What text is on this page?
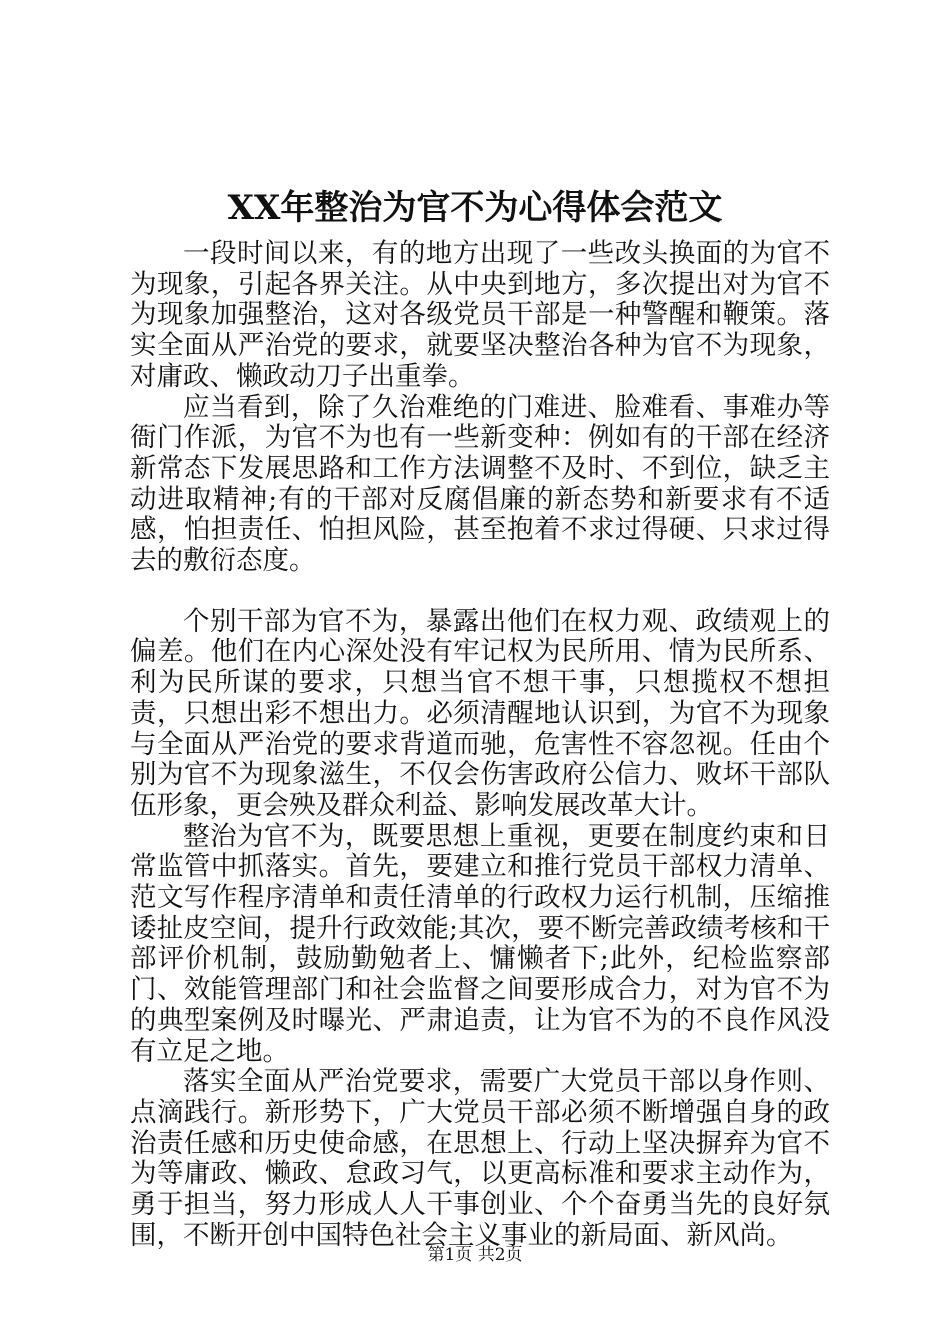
XX年整治为官不为心得体会范文

一段时间以来，有的地方出现了一些改头换面的为官不为现象，引起各界关注。从中央到地方，多次提出对为官不为现象加强整治，这对各级党员干部是一种警醒和鞭策。落实全面从严治党的要求，就要坚决整治各种为官不为现象，对庸政、懒政动刀子出重拳。

应当看到，除了久治难绝的门难进、脸难看、事难办等衙门作派，为官不为也有一些新变种：例如有的干部在经济新常态下发展思路和工作方法调整不及时、不到位，缺乏主动进取精神;有的干部对反腐倡廉的新态势和新要求有不适感，怕担责任、怕担风险，甚至抱着不求过得硬、只求过得去的敷衍态度。

个别干部为官不为，暴露出他们在权力观、政绩观上的偏差。他们在内心深处没有牢记权为民所用、情为民所系、利为民所谋的要求，只想当官不想干事，只想揽权不想担责，只想出彩不想出力。必须清醒地认识到，为官不为现象与全面从严治党的要求背道而驰，危害性不容忽视。任由个别为官不为现象滋生，不仅会伤害政府公信力、败坏干部队伍形象，更会殃及群众利益、影响发展改革大计。

整治为官不为，既要思想上重视，更要在制度约束和日常监管中抓落实。首先，要建立和推行党员干部权力清单、范文写作程序清单和责任清单的行政权力运行机制，压缩推诿扯皮空间，提升行政效能;其次，要不断完善政绩考核和干部评价机制，鼓励勤勉者上、慵懒者下;此外，纪检监察部门、效能管理部门和社会监督之间要形成合力，对为官不为的典型案例及时曝光、严肃追责，让为官不为的不良作风没有立足之地。

落实全面从严治党要求，需要广大党员干部以身作则、点滴践行。新形势下，广大党员干部必须不断增强自身的政治责任感和历史使命感，在思想上、行动上坚决摒弃为官不为等庸政、懒政、怠政习气，以更高标准和要求主动作为，勇于担当，努力形成人人干事创业、个个奋勇当先的良好氛围，不断开创中国特色社会主义事业的新局面、新风尚。

第1页 共2页
